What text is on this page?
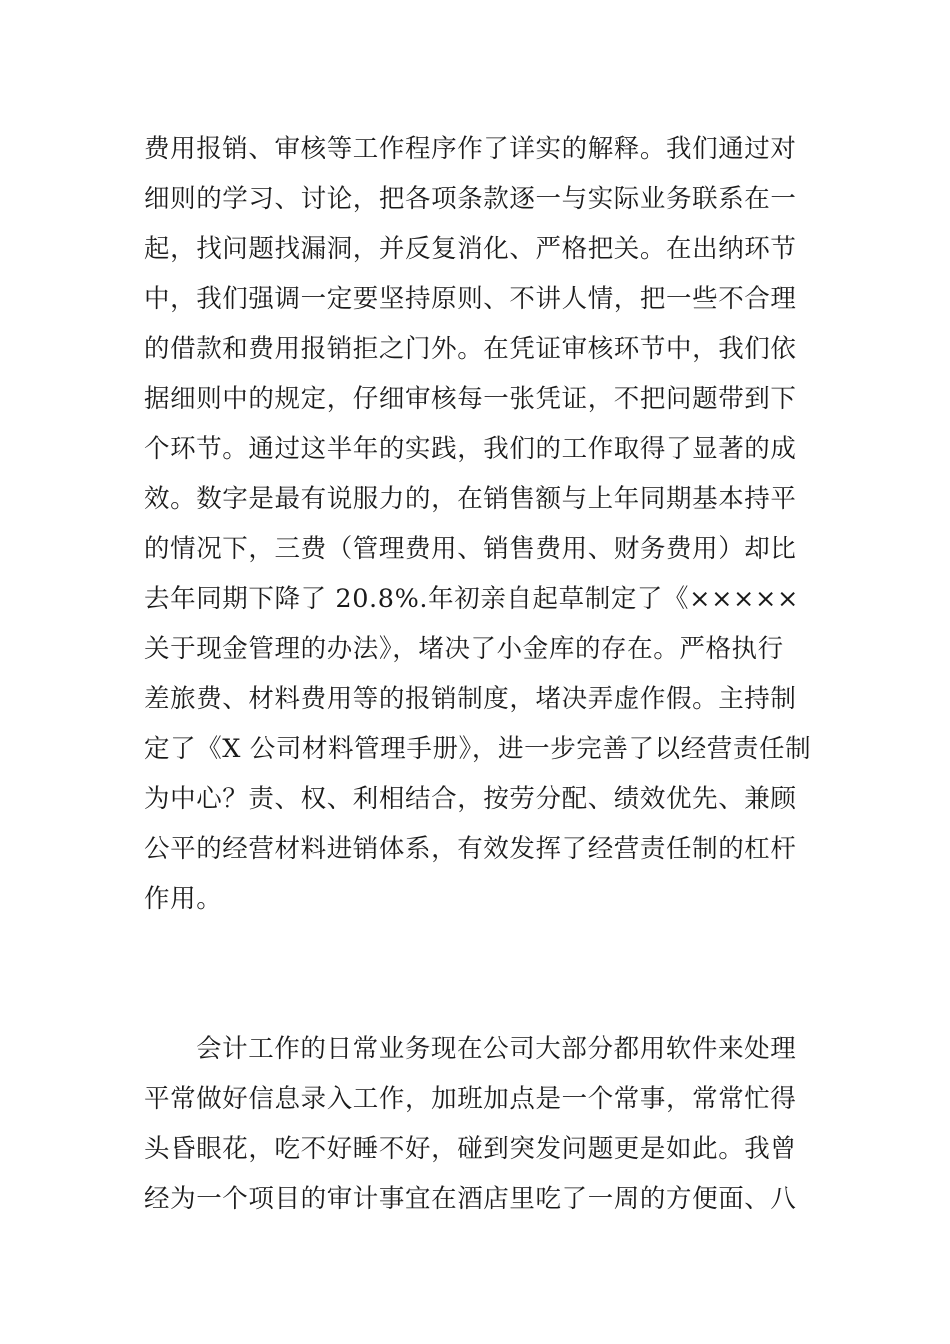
费用报销、审核等工作程序作了详实的解释。我们通过对
细则的学习、讨论，把各项条款逐一与实际业务联系在一
起，找问题找漏洞，并反复消化、严格把关。在出纳环节
中，我们强调一定要坚持原则、不讲人情，把一些不合理
的借款和费用报销拒之门外。在凭证审核环节中，我们依
据细则中的规定，仔细审核每一张凭证，不把问题带到下
个环节。通过这半年的实践，我们的工作取得了显著的成
效。数字是最有说服力的，在销售额与上年同期基本持平
的情况下，三费（管理费用、销售费用、财务费用）却比
去年同期下降了 20.8%.年初亲自起草制定了《×××××
关于现金管理的办法》，堵决了小金库的存在。严格执行
差旅费、材料费用等的报销制度，堵决弄虚作假。主持制
定了《X 公司材料管理手册》，进一步完善了以经营责任制
为中心？责、权、利相结合，按劳分配、绩效优先、兼顾
公平的经营材料进销体系，有效发挥了经营责任制的杠杆
作用。
会计工作的日常业务现在公司大部分都用软件来处理
平常做好信息录入工作，加班加点是一个常事，常常忙得
头昏眼花，吃不好睡不好，碰到突发问题更是如此。我曾
经为一个项目的审计事宜在酒店里吃了一周的方便面、八
